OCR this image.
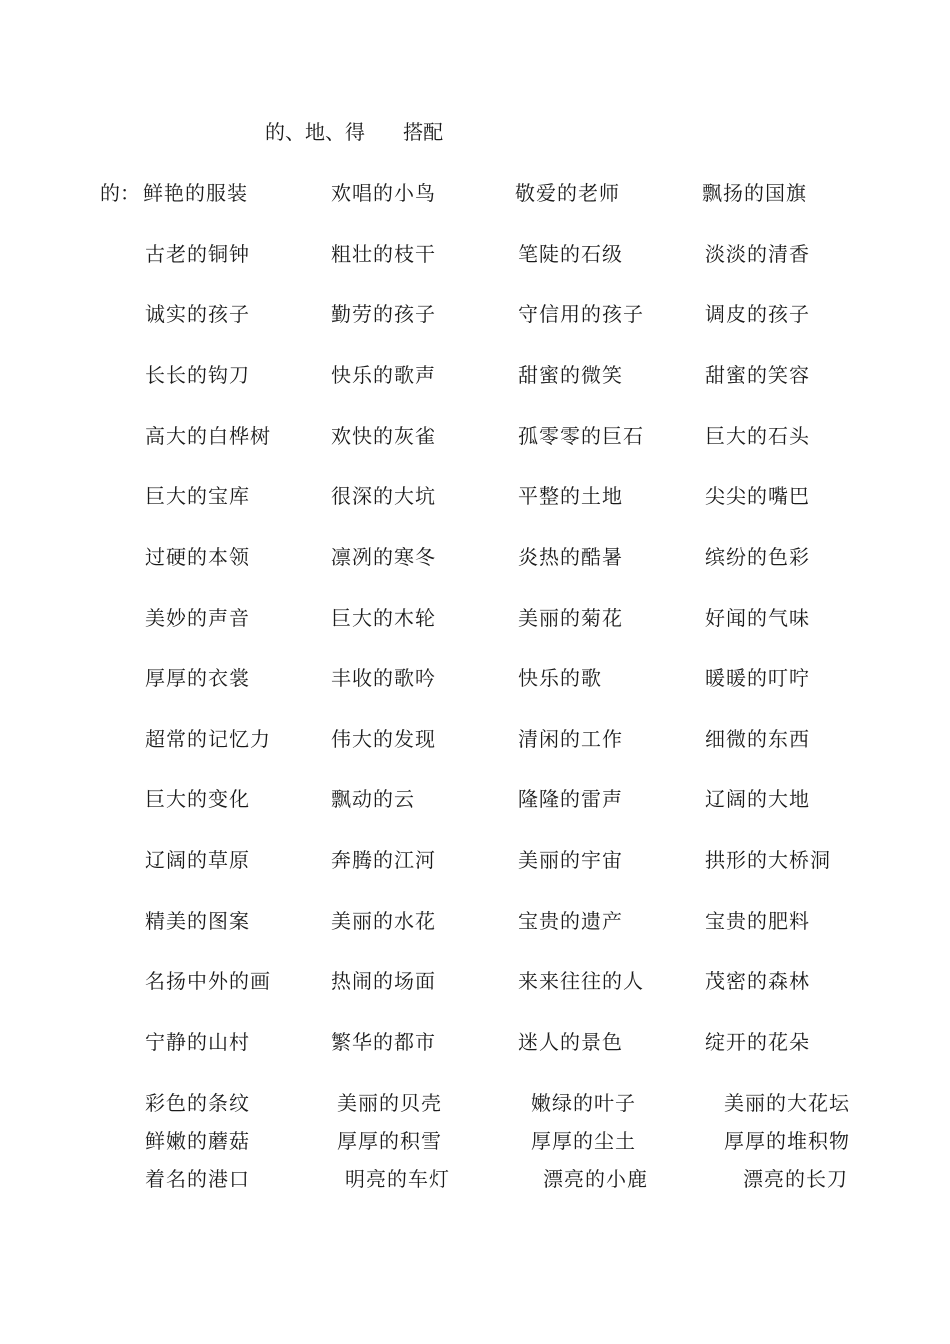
的、地、得      搭配
的： 鲜艳的服装	欢唱的小鸟	敬爱的老师	飘扬的国旗
古老的铜钟	粗壮的枝干	笔陡的石级	淡淡的清香
诚实的孩子	勤劳的孩子	守信用的孩子	调皮的孩子
长长的钩刀	快乐的歌声	甜蜜的微笑	甜蜜的笑容
高大的白桦树	欢快的灰雀	孤零零的巨石	巨大的石头
巨大的宝库	很深的大坑	平整的土地	尖尖的嘴巴
过硬的本领	凛冽的寒冬	炎热的酷暑	缤纷的色彩
美妙的声音	巨大的木轮	美丽的菊花	好闻的气味
厚厚的衣裳	丰收的歌吟	快乐的歌	暖暖的叮咛
超常的记忆力	伟大的发现	清闲的工作	细微的东西
巨大的变化	飘动的云	隆隆的雷声	辽阔的大地
辽阔的草原	奔腾的江河	美丽的宇宙	拱形的大桥洞
精美的图案	美丽的水花	宝贵的遗产	宝贵的肥料
名扬中外的画	热闹的场面	来来往往的人	茂密的森林
宁静的山村	繁华的都市	迷人的景色	绽开的花朵
彩色的条纹	美丽的贝壳	嫩绿的叶子	美丽的大花坛
鲜嫩的蘑菇	厚厚的积雪	厚厚的尘土	厚厚的堆积物
着名的港口	明亮的车灯	漂亮的小鹿	漂亮的长刀
